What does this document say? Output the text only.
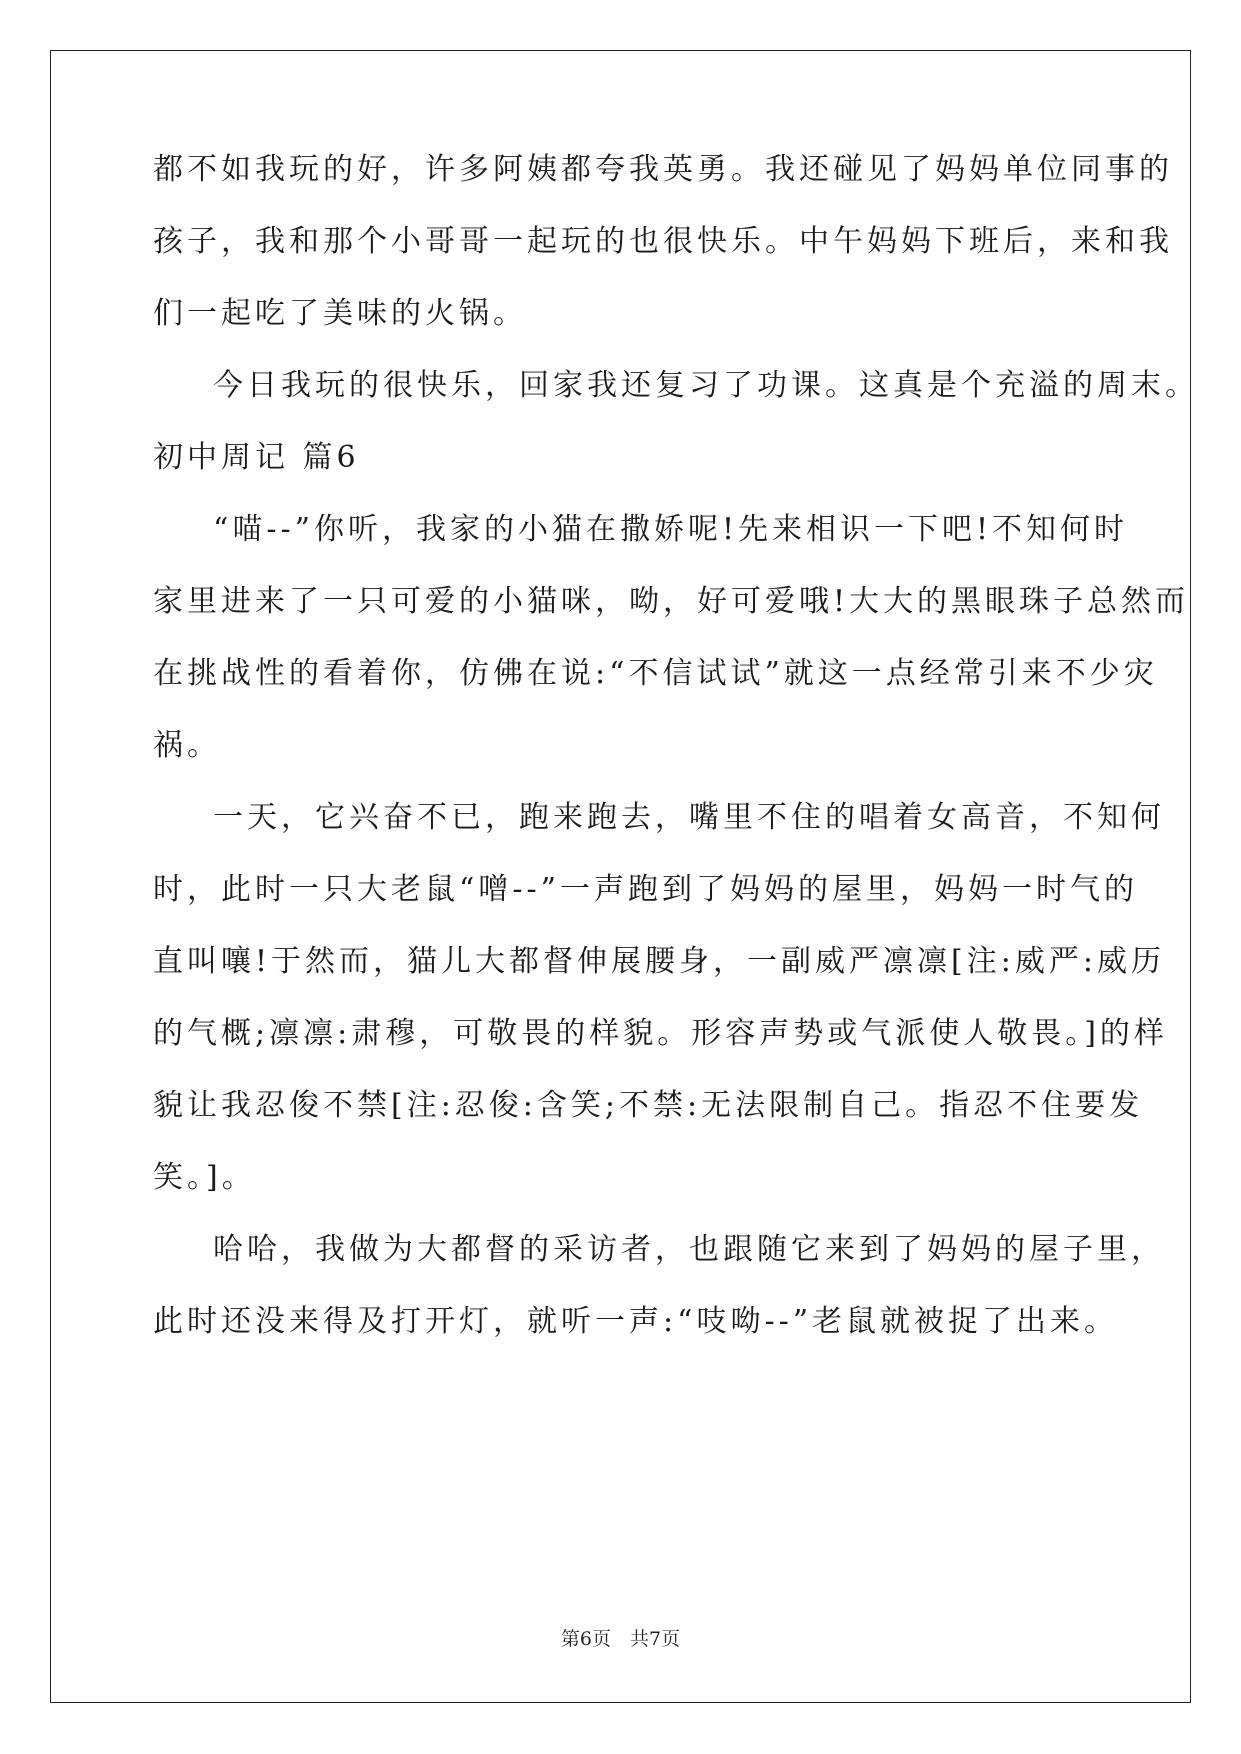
都不如我玩的好，许多阿姨都夸我英勇。我还碰见了妈妈单位同事的
孩子，我和那个小哥哥一起玩的也很快乐。中午妈妈下班后，来和我
们一起吃了美味的火锅。
今日我玩的很快乐，回家我还复习了功课。这真是个充溢的周末。
初中周记 篇6
“喵--”你听，我家的小猫在撒娇呢!先来相识一下吧!不知何时
家里进来了一只可爱的小猫咪，呦，好可爱哦!大大的黑眼珠子总然而
在挑战性的看着你，仿佛在说:“不信试试”就这一点经常引来不少灾
祸。
一天，它兴奋不已，跑来跑去，嘴里不住的唱着女高音，不知何
时，此时一只大老鼠“噌--”一声跑到了妈妈的屋里，妈妈一时气的
直叫嚷!于然而，猫儿大都督伸展腰身，一副威严凛凛[注:威严:威历
的气概;凛凛:肃穆，可敬畏的样貌。形容声势或气派使人敬畏。]的样
貌让我忍俊不禁[注:忍俊:含笑;不禁:无法限制自己。指忍不住要发
笑。]。
哈哈，我做为大都督的采访者，也跟随它来到了妈妈的屋子里，
此时还没来得及打开灯，就听一声:“吱呦--”老鼠就被捉了出来。
第6页　共7页
